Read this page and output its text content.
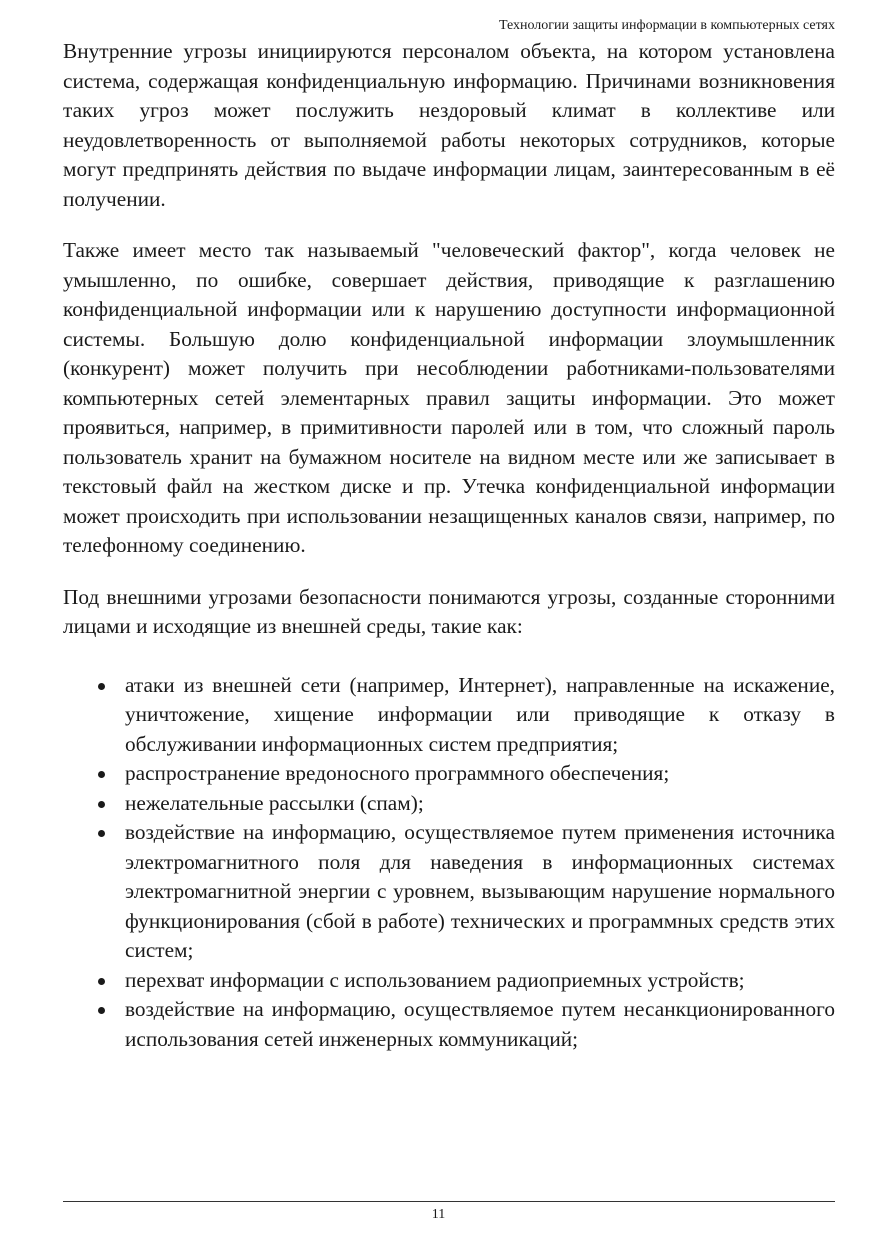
Технологии защиты информации в компьютерных сетях

Внутренние угрозы инициируются персоналом объекта, на котором установлена система, содержащая конфиденциальную информацию. Причинами возникновения таких угроз может послужить нездоровый климат в коллективе или неудовлетворенность от выполняемой работы некоторых сотрудников, которые могут предпринять действия по выдаче информации лицам, заинтересованным в её получении.

Также имеет место так называемый "человеческий фактор", когда человек не умышленно, по ошибке, совершает действия, приводящие к разглашению конфиденциальной информации или к нарушению доступности информационной системы. Большую долю конфиденциальной информации злоумышленник (конкурент) может получить при несоблюдении работниками-пользователями компьютерных сетей элементарных правил защиты информации. Это может проявиться, например, в примитивности паролей или в том, что сложный пароль пользователь хранит на бумажном носителе на видном месте или же записывает в текстовый файл на жестком диске и пр. Утечка конфиденциальной информации может происходить при использовании незащищенных каналов связи, например, по телефонному соединению.

Под внешними угрозами безопасности понимаются угрозы, созданные сторонними лицами и исходящие из внешней среды, такие как:

атаки из внешней сети (например, Интернет), направленные на искажение, уничтожение, хищение информации или приводящие к отказу в обслуживании информационных систем предприятия;
распространение вредоносного программного обеспечения;
нежелательные рассылки (спам);
воздействие на информацию, осуществляемое путем применения источника электромагнитного поля для наведения в информационных системах электромагнитной энергии с уровнем, вызывающим нарушение нормального функционирования (сбой в работе) технических и программных средств этих систем;
перехват информации с использованием радиоприемных устройств;
воздействие на информацию, осуществляемое путем несанкционированного использования сетей инженерных коммуникаций;
11
